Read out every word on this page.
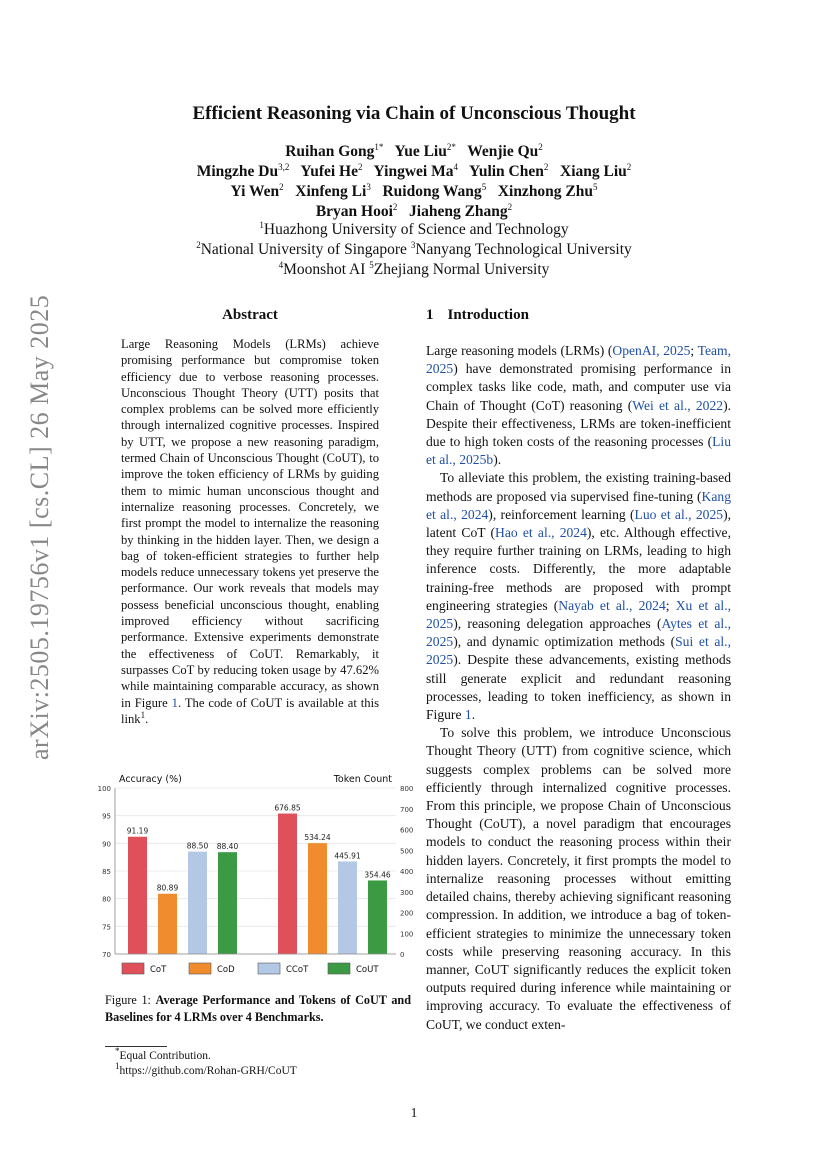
arXiv:2505.19756v1 [cs.CL] 26 May 2025
Efficient Reasoning via Chain of Unconscious Thought
Ruihan Gong$^{1*}$  Yue Liu$^{2*}$  Wenjie Qu$^2$
Mingzhe Du$^{3,2}$  Yufei He$^2$  Yingwei Ma$^4$  Yulin Chen$^2$  Xiang Liu$^2$
Yi Wen$^2$  Xinfeng Li$^3$  Ruidong Wang$^5$  Xinzhong Zhu$^5$
Bryan Hooi$^2$  Jiaheng Zhang$^2$
$^1$Huazhong University of Science and Technology
$^2$National University of Singapore $^3$Nanyang Technological University
$^4$Moonshot AI $^5$Zhejiang Normal University
Abstract
Large Reasoning Models (LRMs) achieve promising performance but compromise token efficiency due to verbose reasoning processes. Unconscious Thought Theory (UTT) posits that complex problems can be solved more efficiently through internalized cognitive processes. Inspired by UTT, we propose a new reasoning paradigm, termed Chain of Unconscious Thought (CoUT), to improve the token efficiency of LRMs by guiding them to mimic human unconscious thought and internalize reasoning processes. Concretely, we first prompt the model to internalize the reasoning by thinking in the hidden layer. Then, we design a bag of token-efficient strategies to further help models reduce unnecessary tokens yet preserve the performance. Our work reveals that models may possess beneficial unconscious thought, enabling improved efficiency without sacrificing performance. Extensive experiments demonstrate the effectiveness of CoUT. Remarkably, it surpasses CoT by reducing token usage by 47.62% while maintaining comparable accuracy, as shown in Figure 1. The code of CoUT is available at this link$^1$.
100
95
90
85
80
75
70
800
700
600
500
400
300
200
100
0
Accuracy (%)	Token Count
91.19
80.89
88.50 88.40
676.85
534.24
445.91
354.46
CoT	CoD	CCoT	CoUT
Figure 1: Average Performance and Tokens of CoUT and Baselines for 4 LRMs over 4 Benchmarks.
*Equal Contribution.
$^1$https://github.com/Rohan-GRH/CoUT
1 Introduction

Large reasoning models (LRMs) (OpenAI, 2025; Team, 2025) have demonstrated promising performance in complex tasks like code, math, and computer use via Chain of Thought (CoT) reasoning (Wei et al., 2022). Despite their effectiveness, LRMs are token-inefficient due to high token costs of the reasoning processes (Liu et al., 2025b).

To alleviate this problem, the existing training-based methods are proposed via supervised fine-tuning (Kang et al., 2024), reinforcement learning (Luo et al., 2025), latent CoT (Hao et al., 2024), etc. Although effective, they require further training on LRMs, leading to high inference costs. Differently, the more adaptable training-free methods are proposed with prompt engineering strategies (Nayab et al., 2024; Xu et al., 2025), reasoning delegation approaches (Aytes et al., 2025), and dynamic optimization methods (Sui et al., 2025). Despite these advancements, existing methods still generate explicit and redundant reasoning processes, leading to token inefficiency, as shown in Figure 1.

To solve this problem, we introduce Unconscious Thought Theory (UTT) from cognitive science, which suggests complex problems can be solved more efficiently through internalized cognitive processes. From this principle, we propose Chain of Unconscious Thought (CoUT), a novel paradigm that encourages models to conduct the reasoning process within their hidden layers. Concretely, it first prompts the model to internalize reasoning processes without emitting detailed chains, thereby achieving significant reasoning compression. In addition, we introduce a bag of token-efficient strategies to minimize the unnecessary token costs while preserving reasoning accuracy. In this manner, CoUT significantly reduces the explicit token outputs required during inference while maintaining or improving accuracy. To evaluate the effectiveness of CoUT, we conduct exten-

1
